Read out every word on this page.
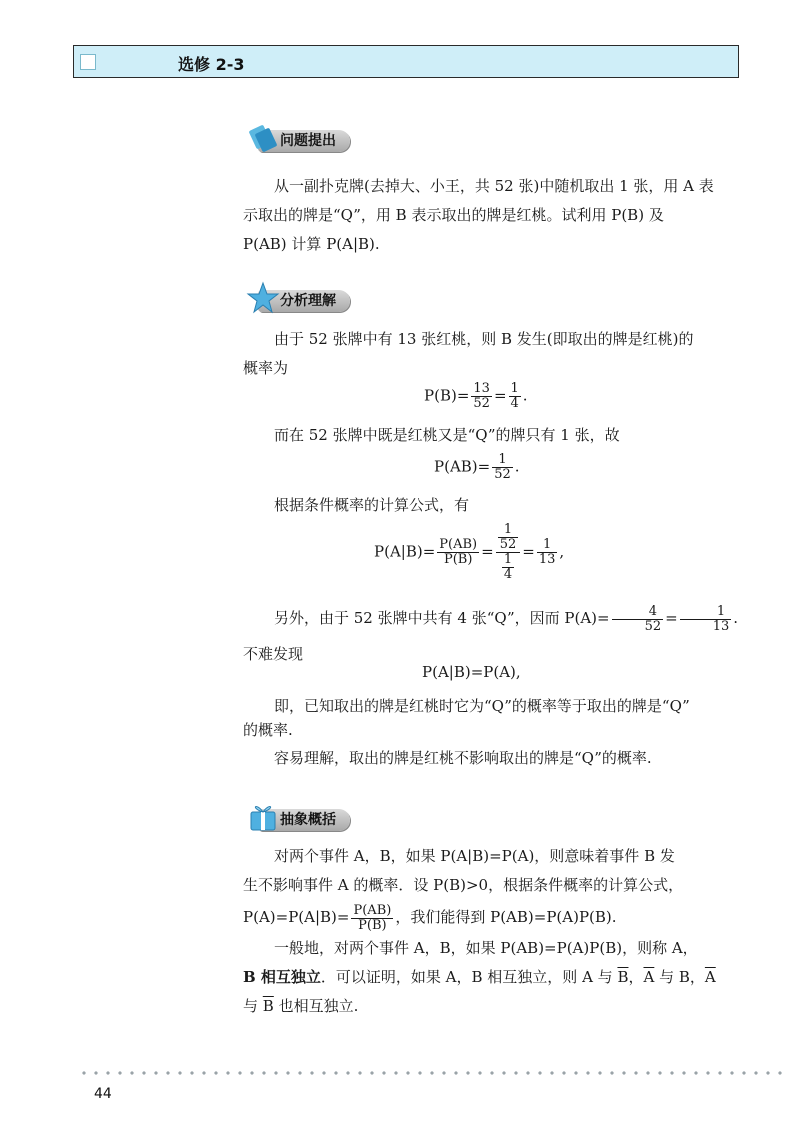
选修 2-3
问题提出
从一副扑克牌(去掉大、小王，共 52 张)中随机取出 1 张，用 A 表
示取出的牌是“Q”，用 B 表示取出的牌是红桃。试利用 P(B) 及
P(AB) 计算 P(A|B).
分析理解
由于 52 张牌中有 13 张红桃，则 B 发生(即取出的牌是红桃)的
概率为
$P(B)= \frac{13}{52} = \frac{1}{4}$ .
而在 52 张牌中既是红桃又是“Q”的牌只有 1 张，故
$P(AB)= \frac{1}{52}$ .
根据条件概率的计算公式，有
$P(A|B)= \frac{P(AB)}{P(B)} = \frac{\frac{1}{52}}{\frac{1}{4}} = \frac{1}{13}$ ,
另外，由于 52 张牌中共有 4 张“Q”，因而 $P(A)= \frac{4}{52} = \frac{1}{13}$ .
不难发现
P(A|B)=P(A),
即，已知取出的牌是红桃时它为“Q”的概率等于取出的牌是“Q”
的概率.
容易理解，取出的牌是红桃不影响取出的牌是“Q”的概率.
抽象概括
对两个事件 A，B，如果 P(A|B)=P(A)，则意味着事件 B 发
生不影响事件 A 的概率．设 P(B)>0，根据条件概率的计算公式，
$P(A)=P(A|B)= \frac{P(AB)}{P(B)}$ ，我们能得到 P(AB)=P(A)P(B).
一般地，对两个事件 A，B，如果 P(AB)=P(A)P(B)，则称 A，
B 相互独立．可以证明，如果 A，B 相互独立，则 A 与 $\overline{B}$，$\overline{A}$ 与 B，$\overline{A}$
与 $\overline{B}$ 也相互独立.
44
